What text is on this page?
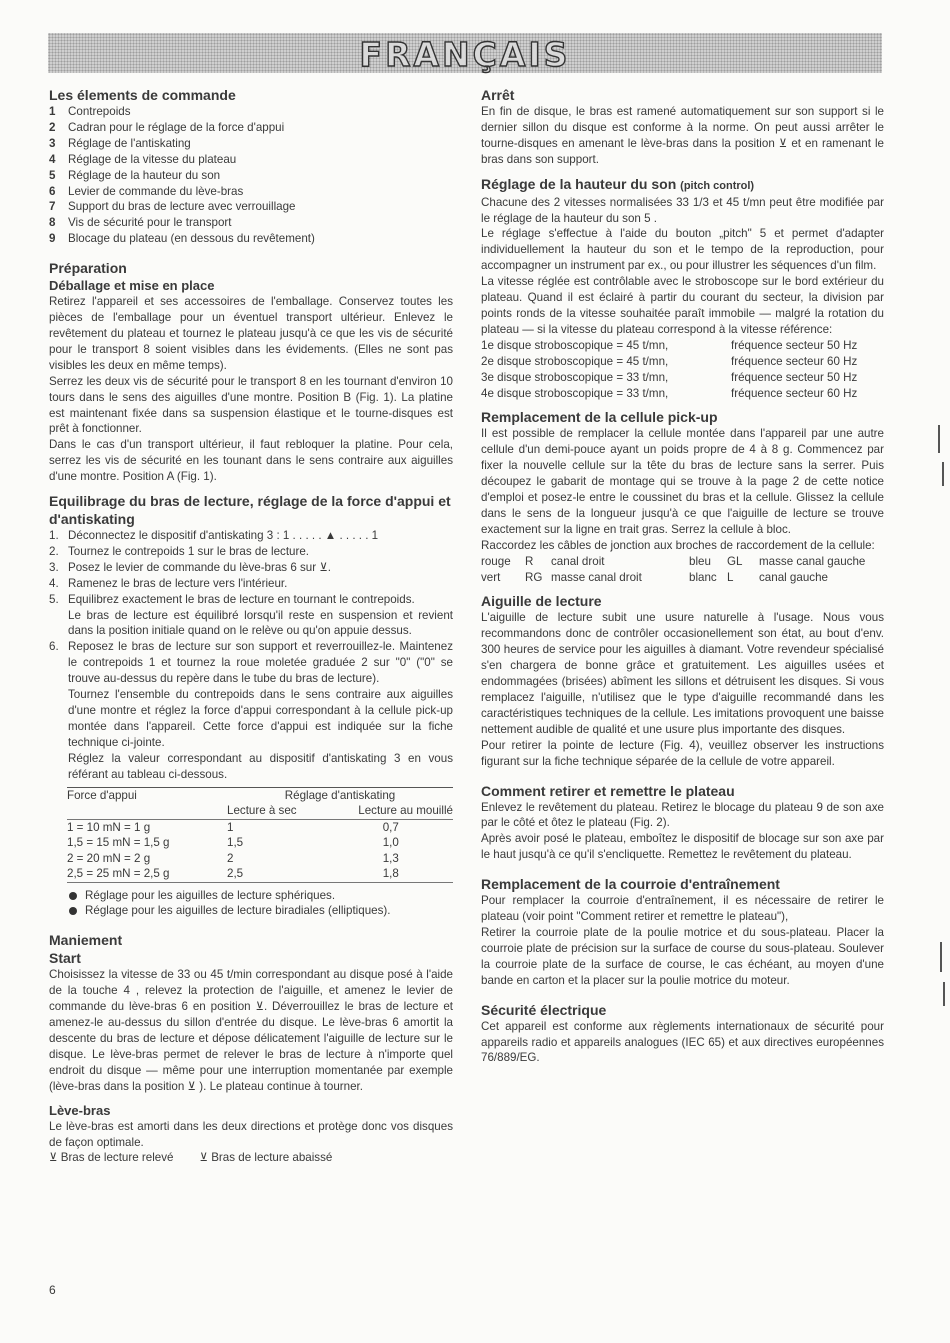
FRANÇAIS
Les élements de commande
1	Contrepoids
2	Cadran pour le réglage de la force d'appui
3	Réglage de l'antiskating
4	Réglage de la vitesse du plateau
5	Réglage de la hauteur du son
6	Levier de commande du lève-bras
7	Support du bras de lecture avec verrouillage
8	Vis de sécurité pour le transport
9	Blocage du plateau (en dessous du revêtement)
Préparation
Déballage et mise en place

Retirez l'appareil et ses accessoires de l'emballage. Conservez toutes les pièces de l'emballage pour un éventuel transport ultérieur. Enlevez le revêtement du plateau et tournez le plateau jusqu'à ce que les vis de sécurité pour le transport 8 soient visibles dans les évidements. (Elles ne sont pas visibles les deux en même temps).

Serrez les deux vis de sécurité pour le transport 8 en les tournant d'environ 10 tours dans le sens des aiguilles d'une montre. Position B (Fig. 1). La platine est maintenant fixée dans sa suspension élastique et le tourne-disques est prêt à fonctionner.

Dans le cas d'un transport ultérieur, il faut rebloquer la platine. Pour cela, serrez les vis de sécurité en les tounant dans le sens contraire aux aiguilles d'une montre. Position A (Fig. 1).

Equilibrage du bras de lecture, réglage de la force d'appui et d'antiskating
1. Déconnectez le dispositif d'antiskating 3 : 1 . . . . . ▲ . . . . . 1
2. Tournez le contrepoids 1 sur le bras de lecture.
3. Posez le levier de commande du lève-bras 6 sur ⊻.
4. Ramenez le bras de lecture vers l'intérieur.
5. Equilibrez exactement le bras de lecture en tournant le contrepoids.
Le bras de lecture est équilibré lorsqu'il reste en suspension et revient dans la position initiale quand on le relève ou qu'on appuie dessus.
6. Reposez le bras de lecture sur son support et reverrouillez-le. Maintenez le contrepoids 1 et tournez la roue moletée graduée 2 sur "0" ("0" se trouve au-dessus du repère dans le tube du bras de lecture).
Tournez l'ensemble du contrepoids dans le sens contraire aux aiguilles d'une montre et réglez la force d'appui correspondant à la cellule pick-up montée dans l'appareil. Cette force d'appui est indiquée sur la fiche technique ci-jointe.
Réglez la valeur correspondant au dispositif d'antiskating 3 en vous référant au tableau ci-dessous.
Force d'appui	Réglage d'antiskating	
		Lecture à sec	Lecture au mouillé
1 = 10 mN = 1 g		1	0,7
1,5 = 15 mN = 1,5 g		1,5	1,0
2 = 20 mN = 2 g		2	1,3
2,5 = 25 mN = 2,5 g		2,5	1,8
Réglage pour les aiguilles de lecture sphériques.
Réglage pour les aiguilles de lecture biradiales (elliptiques).
Maniement
Start

Choisissez la vitesse de 33 ou 45 t/min correspondant au disque posé à l'aide de la touche 4 , relevez la protection de l'aiguille, et amenez le levier de commande du lève-bras 6 en position ⊻. Déverrouillez le bras de lecture et amenez-le au-dessus du sillon d'entrée du disque. Le lève-bras 6 amortit la descente du bras de lecture et dépose délicatement l'aiguille de lecture sur le disque. Le lève-bras permet de relever le bras de lecture à n'importe quel endroit du disque — même pour une interruption momentanée par exemple (lève-bras dans la position ⊻ ). Le plateau continue à tourner.

Lève-bras

Le lève-bras est amorti dans les deux directions et protège donc vos disques de façon optimale.

⊻ Bras de lecture relevé ⊻ Bras de lecture abaissé
6
Arrêt

En fin de disque, le bras est ramené automatiquement sur son support si le dernier sillon du disque est conforme à la norme. On peut aussi arrêter le tourne-disques en amenant le lève-bras dans la position ⊻ et en ramenant le bras dans son support.

Réglage de la hauteur du son (pitch control)

Chacune des 2 vitesses normalisées 33 1/3 et 45 t/mn peut être modifiée par le réglage de la hauteur du son 5 .

Le réglage s'effectue à l'aide du bouton „pitch" 5 et permet d'adapter individuellement la hauteur du son et le tempo de la reproduction, pour accompagner un instrument par ex., ou pour illustrer les séquences d'un film.

La vitesse réglée est contrôlable avec le stroboscope sur le bord extérieur du plateau. Quand il est éclairé à partir du courant du secteur, la division par points ronds de la vitesse souhaitée paraît immobile — malgré la rotation du plateau — si la vitesse du plateau correspond à la vitesse référence:

1e disque stroboscopique = 45 t/mn,	fréquence secteur 50 Hz
2e disque stroboscopique = 45 t/mn,	fréquence secteur 60 Hz
3e disque stroboscopique = 33 t/mn,	fréquence secteur 50 Hz
4e disque stroboscopique = 33 t/mn,	fréquence secteur 60 Hz
Remplacement de la cellule pick-up

Il est possible de remplacer la cellule montée dans l'appareil par une autre cellule d'un demi-pouce ayant un poids propre de 4 à 8 g. Commencez par fixer la nouvelle cellule sur la tête du bras de lecture sans la serrer. Puis découpez le gabarit de montage qui se trouve à la page 2 de cette notice d'emploi et posez-le entre le coussinet du bras et la cellule. Glissez la cellule dans le sens de la longueur jusqu'à ce que l'aiguille de lecture se trouve exactement sur la ligne en trait gras. Serrez la cellule à bloc.

Raccordez les câbles de jonction aux broches de raccordement de la cellule:

rouge	R	canal droit	bleu	GL	masse canal gauche
vert	RG	masse canal droit	blanc	L	canal gauche
Aiguille de lecture

L'aiguille de lecture subit une usure naturelle à l'usage. Nous vous recommandons donc de contrôler occasionellement son état, au bout d'env. 300 heures de service pour les aiguilles à diamant. Votre revendeur spécialisé s'en chargera de bonne grâce et gratuitement. Les aiguilles usées et endommagées (brisées) abîment les sillons et détruisent les disques. Si vous remplacez l'aiguille, n'utilisez que le type d'aiguille recommandé dans les caractéristiques techniques de la cellule. Les imitations provoquent une baisse nettement audible de qualité et une usure plus importante des disques.

Pour retirer la pointe de lecture (Fig. 4), veuillez observer les instructions figurant sur la fiche technique séparée de la cellule de votre appareil.

Comment retirer et remettre le plateau

Enlevez le revêtement du plateau. Retirez le blocage du plateau 9 de son axe par le côté et ôtez le plateau (Fig. 2).

Après avoir posé le plateau, emboîtez le dispositif de blocage sur son axe par le haut jusqu'à ce qu'il s'encliquette. Remettez le revêtement du plateau.

Remplacement de la courroie d'entraînement

Pour remplacer la courroie d'entraînement, il es nécessaire de retirer le plateau (voir point "Comment retirer et remettre le plateau"),

Retirer la courroie plate de la poulie motrice et du sous-plateau. Placer la courroie plate de précision sur la surface de course du sous-plateau. Soulever la courroie plate de la surface de course, le cas échéant, au moyen d'une bande en carton et la placer sur la poulie motrice du moteur.

Sécurité électrique

Cet appareil est conforme aux règlements internationaux de sécurité pour appareils radio et appareils analogues (IEC 65) et aux directives européennes 76/889/EG.
